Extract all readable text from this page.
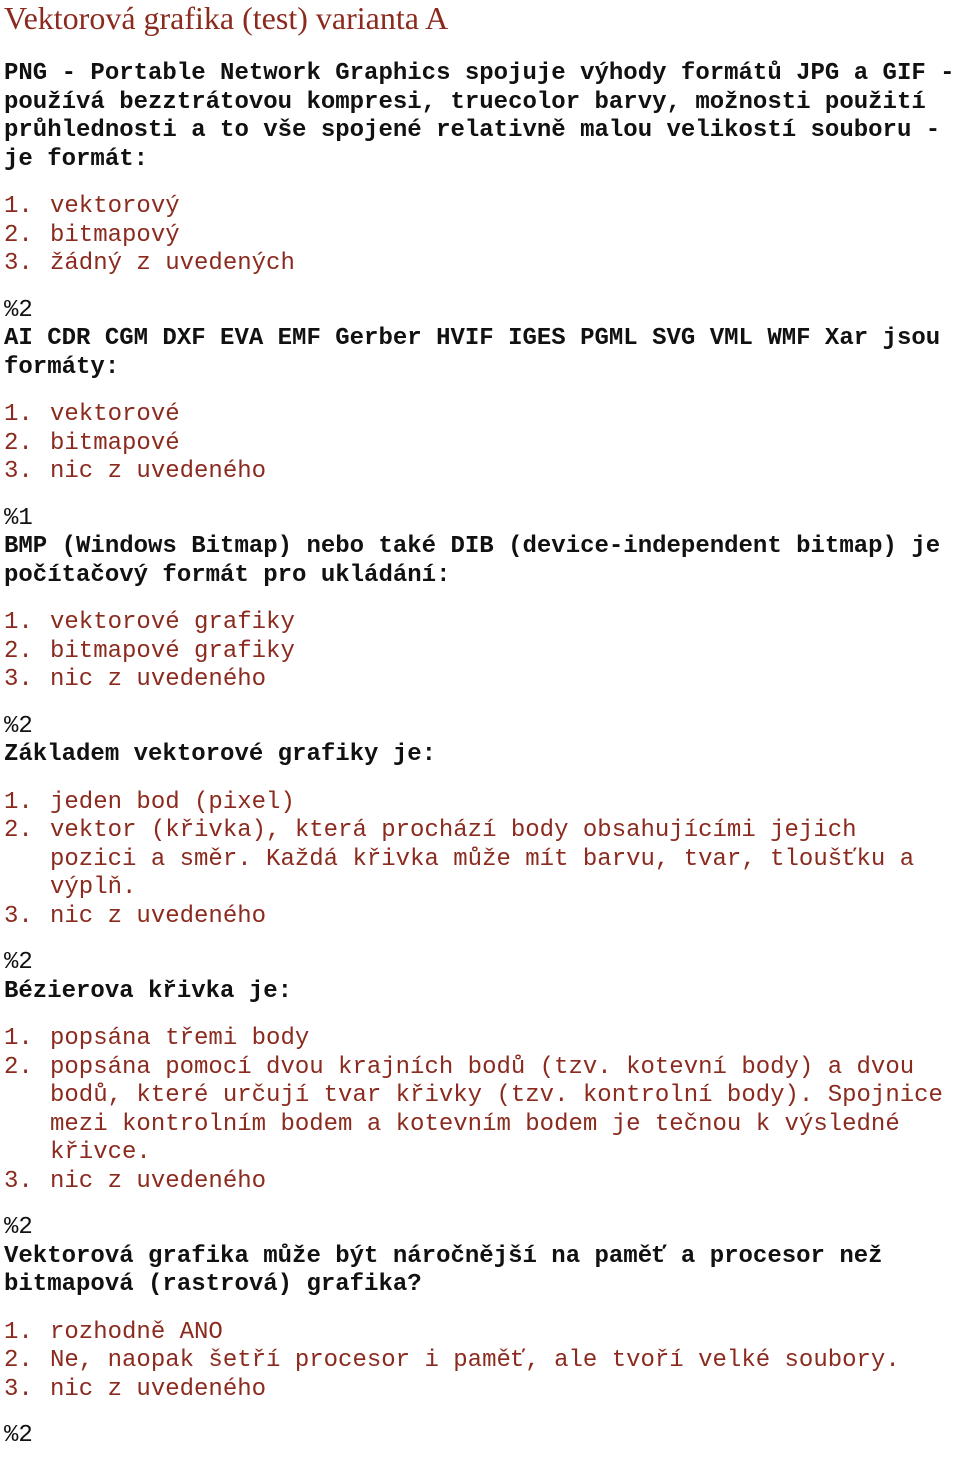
Vektorová grafika (test) varianta A

PNG - Portable Network Graphics spojuje výhody formátů JPG a GIF - používá bezztrátovou kompresi, truecolor barvy, možnosti použití průhlednosti a to vše spojené relativně malou velikostí souboru - je formát:

1. vektorový
2. bitmapový
3. žádný z uvedených

%2

AI CDR CGM DXF EVA EMF Gerber HVIF IGES PGML SVG VML WMF Xar jsou formáty:

1. vektorové
2. bitmapové
3. nic z uvedeného

%1

BMP (Windows Bitmap) nebo také DIB (device-independent bitmap) je počítačový formát pro ukládání:

1. vektorové grafiky
2. bitmapové grafiky
3. nic z uvedeného

%2

Základem vektorové grafiky je:

1. jeden bod (pixel)
2. vektor (křivka), která prochází body obsahujícími jejich pozici a směr. Každá křivka může mít barvu, tvar, tloušťku a výplň.
3. nic z uvedeného

%2

Bézierova křivka je:

1. popsána třemi body
2. popsána pomocí dvou krajních bodů (tzv. kotevní body) a dvou bodů, které určují tvar křivky (tzv. kontrolní body). Spojnice mezi kontrolním bodem a kotevním bodem je tečnou k výsledné křivce.
3. nic z uvedeného

%2

Vektorová grafika může být náročnější na paměť a procesor než bitmapová (rastrová) grafika?

1. rozhodně ANO
2. Ne, naopak šetří procesor i paměť, ale tvoří velké soubory.
3. nic z uvedeného

%2
